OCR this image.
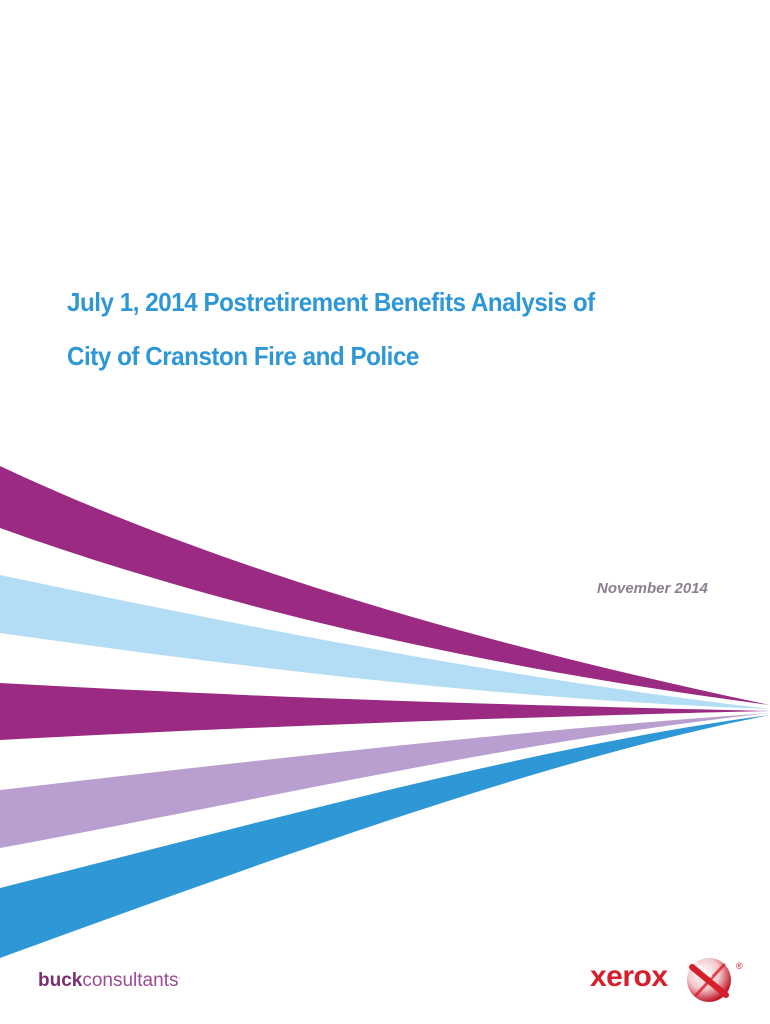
July 1, 2014 Postretirement Benefits Analysis of
City of Cranston Fire and Police
November 2014
buckconsultants.	xerox	®
